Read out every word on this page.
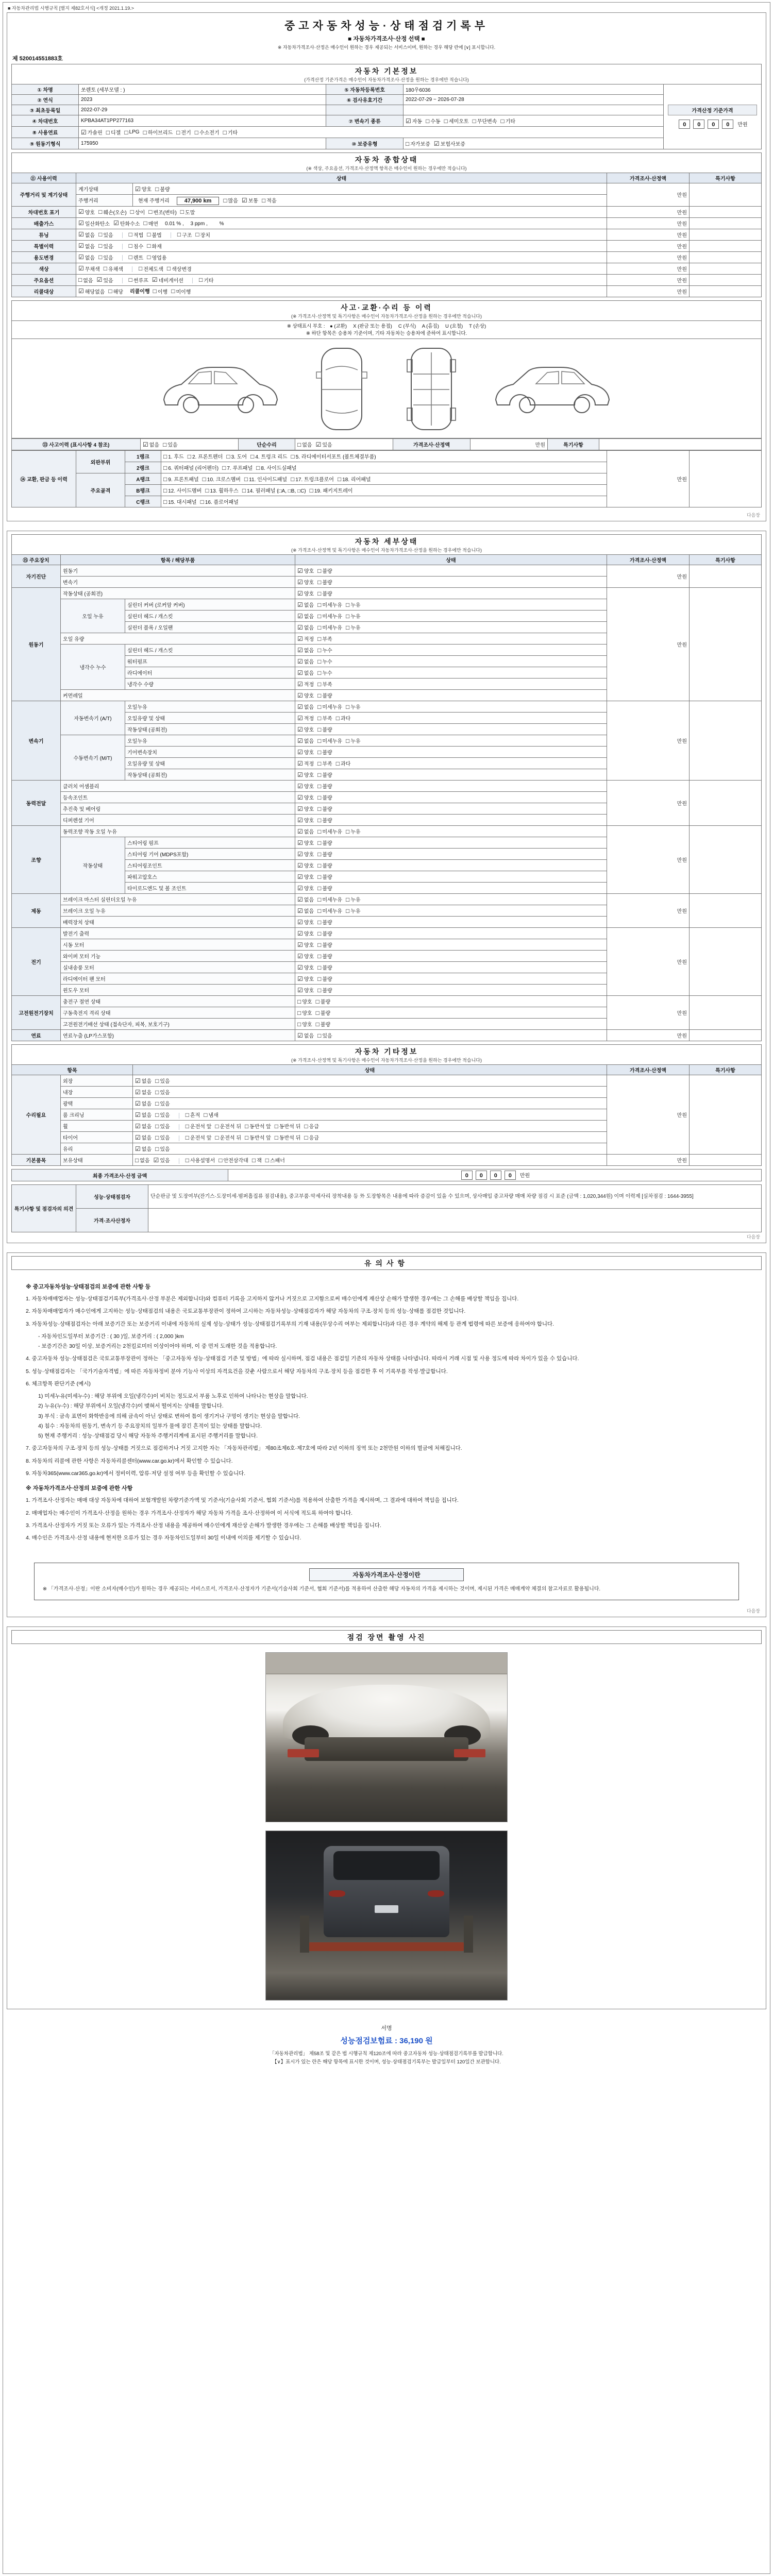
■ 자동차관리법 시행규칙 [별지 제82호서식] <개정 2021.1.19.>
중고자동차성능·상태점검기록부
■ 자동차가격조사·산정 선택 ■
※ 자동차가격조사·산정은 매수인이 원하는 경우 제공되는 서비스이며, 원하는 경우 해당 란에 [∨] 표시합니다.
제 520014551883호
자동차 기본정보
(가격산정 기준가격은 매수인이 자동차가격조사·산정을 원하는 경우에만 적습니다)
① 차명	쏘렌토 (세부모델 : )	⑤ 자동차등록번호	180우6036	가격산정 기준가격
0 0 0 0 만원

② 연식	2023	⑥ 검사유효기간	2022-07-29 ~ 2026-07-28	
③ 최초등록일	2022-07-29			
④ 차대번호	KPBA34AT1PP277163	⑦ 변속기 종류	☑ 자동 □ 수동 □ 세미오토 □ 무단변속 □ 기타

⑧ 사용연료	☑ 가솔린 □ 디젤 □ LPG □ 하이브리드 □ 전기 □ 수소전기 □ 기타

⑨ 원동기형식	175950	⑩ 보증유형	□ 자가보증 ☑ 보험사보증	
자동차 종합상태
(※ 색상, 주요옵션, 가격조사·산정액 항목은 매수인이 원하는 경우에만 적습니다)
⑪ 사용이력	상태		가격조사·산정액	특기사항
주행거리 및 계기상태	계기상태	☑ 양호 □ 불량	만원	
주행거리	현재 주행거리	47,900 km □ 많음 ☑ 보통 □ 적음

차대번호 표기	☑ 양호 □ 훼손(오손) □ 상이 □ 변조(변타) □ 도말	만원	
배출가스	☑ 일산화탄소 ☑ 탄화수소 □ 매연 0.01 % ,　 3 ppm ,　　 %	만원	
튜닝	☑ 없음 □ 있음	□ 적법 □ 불법	□ 구조 □ 장치	만원	
특별이력	☑ 없음 □ 있음	□ 침수 □ 화재	만원	
용도변경	☑ 없음 □ 있음	□ 렌트 □ 영업용	만원	
색상	☑ 무채색 □ 유채색	□ 전체도색 □ 색상변경	만원	
주요옵션	□ 없음 ☑ 있음	□ 썬루프 ☑ 네비게이션	□ 기타	만원	
리콜대상	☑ 해당없음 □ 해당 리콜이행 □ 이행 □ 미이행	만원	
사고·교환·수리 등 이력
(※ 가격조사·산정액 및 특기사항은 매수인이 자동차가격조사·산정을 원하는 경우에만 적습니다)
※ 상태표시 부호 :　● (교환)　 X (판금 또는 용접)　 C (부식)　 A (흠집)　 U (요철)　 T (손상)
※ 하단 항목은 승용차 기준이며, 기타 자동차는 승용차에 준하여 표시합니다.
⑬ 사고이력 (표시사항 4 참조)	☑ 없음 □ 있음	단순수리	□ 없음 ☑ 있음	가격조사·산정액	만원	특기사항	
⑭ 교환, 판금 등 이력	외판부위	1랭크	□ 1. 후드 □ 2. 프론트펜더 □ 3. 도어 □ 4. 트렁크 리드 □ 5. 라디에이터서포트 (볼트체결부품)
	만원	
2랭크	□ 6. 쿼터패널 (리어펜더) □ 7. 루프패널 □ 8. 사이드실패널

주요골격	A랭크	□ 9. 프론트패널 □ 10. 크로스멤버 □ 11. 인사이드패널 □ 17. 트렁크플로어 □ 18. 리어패널

B랭크	□ 12. 사이드멤버 □ 13. 휠하우스 □ 14. 필러패널 (□A, □B, □C) □ 19. 패키지트레이

		C랭크	□ 15. 대시패널 □ 16. 플로어패널		
다음장
자동차 세부상태
(※ 가격조사·산정액 및 특기사항은 매수인이 자동차가격조사·산정을 원하는 경우에만 적습니다)
⑮ 주요장치	항목 / 해당부품		상태	가격조사·산정액	특기사항
자기진단	원동기		☑ 양호 □ 불량	만원	
	변속기		☑ 양호 □ 불량		

원동기	작동상태 (공회전)		☑ 양호 □ 불량	만원	
오일 누유	실린더 커버 (로커암 커버)	☑ 없음 □ 미세누유 □ 누유

실린더 헤드 / 개스킷	☑ 없음 □ 미세누유 □ 누유

실린더 블록 / 오일팬	☑ 없음 □ 미세누유 □ 누유

	오일 유량		☑ 적정 □ 부족		

	냉각수 누수	실린더 헤드 / 개스킷	☑ 없음 □ 누수		

		워터펌프	☑ 없음 □ 누수		

		라디에이터	☑ 없음 □ 누수		

		냉각수 수량	☑ 적정 □ 부족		

	커먼레일		☑ 양호 □ 불량		

변속기	자동변속기 (A/T)	오일누유	☑ 없음 □ 미세누유 □ 누유
	만원	
오일유량 및 상태	☑ 적정 □ 부족 □ 과다

		작동상태 (공회전)	☑ 양호 □ 불량		

수동변속기 (M/T)	오일누유	☑ 없음 □ 미세누유 □ 누유

		기어변속장치	☑ 양호 □ 불량		

오일유량 및 상태	☑ 적정 □ 부족 □ 과다

		작동상태 (공회전)	☑ 양호 □ 불량		

동력전달	클러치 어셈블리		☑ 양호 □ 불량	만원	
	등속조인트		☑ 양호 □ 불량		

	추진축 및 베어링		☑ 양호 □ 불량		

	디퍼렌셜 기어		☑ 양호 □ 불량		

조향	동력조향 작동 오일 누유	☑ 없음 □ 미세누유 □ 누유
	만원	
	작동상태	스티어링 펌프	☑ 양호 □ 불량		

		스티어링 기어 (MDPS포함)	☑ 양호 □ 불량		

		스티어링조인트	☑ 양호 □ 불량		

		파워고압호스	☑ 양호 □ 불량		

		타이로드엔드 및 볼 조인트	☑ 양호 □ 불량		

제동	브레이크 마스터 실린더오일 누유	☑ 없음 □ 미세누유 □ 누유
	만원	
브레이크 오일 누유	☑ 없음 □ 미세누유 □ 누유

	배력장치 상태		☑ 양호 □ 불량		

전기	발전기 출력		☑ 양호 □ 불량	만원	
	시동 모터		☑ 양호 □ 불량		

	와이퍼 모터 기능		☑ 양호 □ 불량		

	실내송풍 모터		☑ 양호 □ 불량		

	라디에이터 팬 모터		☑ 양호 □ 불량		

	윈도우 모터		☑ 양호 □ 불량		

고전원전기장치	충전구 절연 상태		□ 양호 □ 불량	만원	
	구동축전지 격리 상태		□ 양호 □ 불량		

	고전원전기배선 상태 (접속단자, 피복, 보호기구)		□ 양호 □ 불량		

연료	연료누출 (LP가스포함)		☑ 없음 □ 있음	만원	
자동차 기타정보
(※ 가격조사·산정액 및 특기사항은 매수인이 자동차가격조사·산정을 원하는 경우에만 적습니다)
항목		상태	가격조사·산정액	특기사항
수리필요	외장	☑ 없음 □ 있음	만원	
	내장	☑ 없음 □ 있음		

	광택	☑ 없음 □ 있음		

룸 크리닝	☑ 없음 □ 있음	□ 흔적 □ 냄새

휠	☑ 없음 □ 있음	□ 운전석 앞 □ 운전석 뒤 □ 동반석 앞 □ 동반석 뒤 □ 응급

타이어	☑ 없음 □ 있음	□ 운전석 앞 □ 운전석 뒤 □ 동반석 앞 □ 동반석 뒤 □ 응급

	유리	☑ 없음 □ 있음		

기본품목	보유상태	□ 없음 ☑ 있음	□ 사용설명서 □ 안전삼각대 □ 잭 □ 스패너	만원	
최종 가격조사·산정 금액	0 0 0 0 만원
특기사항 및 점검자의 의견	성능·상태점검자	단순판금 및 도장여부(잔기스·도장미세·범퍼흠집류 점검내용), 중고부품·악세사리 장착내용 등 外 도장항목은 내용에 따라 증감이 있을 수 있으며, 상사매입 중고차량 매매 차량 점검 시 표준 (금액 : 1,020,344원) 이며 이력제 [실차점검 : 1644-3955]
	가격·조사산정자	
다음장
유의사항
※ 중고자동차성능·상태점검의 보증에 관한 사항 등
1. 자동차매매업자는 성능·상태점검기록부(가격조사·산정 부분은 제외합니다)와 컴퓨터 기록을 고지하지 않거나 거짓으로 고지함으로써 매수인에게 재산상 손해가 발생한 경우에는 그 손해를 배상할 책임을 집니다.
2. 자동차매매업자가 매수인에게 고지하는 성능·상태점검의 내용은 국토교통부장관이 정하여 고시하는 자동차성능·상태점검자가 해당 자동차의 구조·장치 등의 성능·상태를 점검한 것입니다.
3. 자동차성능·상태점검자는 아래 보증기간 또는 보증거리 이내에 자동차의 실제 성능·상태가 성능·상태점검기록부의 기재 내용(무상수리 여부는 제외합니다)과 다른 경우 계약의 해제 등 관계 법령에 따른 보증에 응하여야 합니다.
- 자동차인도일부터 보증기간 : ( 30 )일, 보증거리 : ( 2,000 )km
- 보증기간은 30일 이상, 보증거리는 2천킬로미터 이상이어야 하며, 이 중 먼저 도래한 것을 적용합니다.
4. 중고자동차 성능·상태점검은 국토교통부장관이 정하는 「중고자동차 성능·상태점검 기준 및 방법」에 따라 실시하며, 점검 내용은 점검일 기준의 자동차 상태를 나타냅니다. 따라서 거래 시점 및 사용 정도에 따라 차이가 있을 수 있습니다.
5. 성능·상태점검자는 「국가기술자격법」에 따른 자동차정비 분야 기능사 이상의 자격요건을 갖춘 사람으로서 해당 자동차의 구조·장치 등을 점검한 후 이 기록부를 작성·발급합니다.
6. 체크항목 판단기준 (예시)
1) 미세누유(미세누수) : 해당 부위에 오일(냉각수)이 비치는 정도로서 부품 노후로 인하여 나타나는 현상을 말합니다.
2) 누유(누수) : 해당 부위에서 오일(냉각수)이 맺혀서 떨어지는 상태를 말합니다.
3) 부식 : 금속 표면이 화학반응에 의해 금속이 아닌 상태로 변하여 틈이 생기거나 구멍이 생기는 현상을 말합니다.
4) 침수 : 자동차의 원동기, 변속기 등 주요장치의 일부가 물에 잠긴 흔적이 있는 상태를 말합니다.
5) 현재 주행거리 : 성능·상태점검 당시 해당 자동차 주행거리계에 표시된 주행거리를 말합니다.
7. 중고자동차의 구조·장치 등의 성능·상태를 거짓으로 점검하거나 거짓 고지한 자는 「자동차관리법」 제80조제6호·제7호에 따라 2년 이하의 징역 또는 2천만원 이하의 벌금에 처해집니다.
8. 자동차의 리콜에 관한 사항은 자동차리콜센터(www.car.go.kr)에서 확인할 수 있습니다.
9. 자동차365(www.car365.go.kr)에서 정비이력, 압류·저당 설정 여부 등을 확인할 수 있습니다.
※ 자동차가격조사·산정의 보증에 관한 사항
1. 가격조사·산정자는 매매 대상 자동차에 대하여 보험개발원 차량기준가액 및 기준서(기술사회 기준서, 협회 기준서)를 적용하여 산출한 가격을 제시하며, 그 결과에 대하여 책임을 집니다.
2. 매매업자는 매수인이 가격조사·산정을 원하는 경우 가격조사·산정자가 해당 자동차 가격을 조사·산정하여 이 서식에 적도록 하여야 합니다.
3. 가격조사·산정자가 거짓 또는 오류가 있는 가격조사·산정 내용을 제공하여 매수인에게 재산상 손해가 발생한 경우에는 그 손해를 배상할 책임을 집니다.
4. 매수인은 가격조사·산정 내용에 현저한 오류가 있는 경우 자동차인도일부터 30일 이내에 이의를 제기할 수 있습니다.
자동차가격조사·산정이란
※ 「가격조사·산정」이란 소비자(매수인)가 원하는 경우 제공되는 서비스로서, 가격조사·산정자가 기준서(기술사회 기준서, 협회 기준서)를 적용하여 산출한 해당 자동차의 가격을 제시하는 것이며, 제시된 가격은 매매계약 체결의 참고자료로 활용됩니다.
다음장
점검 장면 촬영 사진
서명
성능점검보험료 : 36,190 원
「자동차관리법」 제58조 및 같은 법 시행규칙 제120조에 따라 중고자동차 성능·상태점검기록부를 발급합니다.
【∨】표시가 있는 란은 해당 항목에 표시한 것이며, 성능·상태점검기록부는 발급일부터 120일간 보관합니다.
